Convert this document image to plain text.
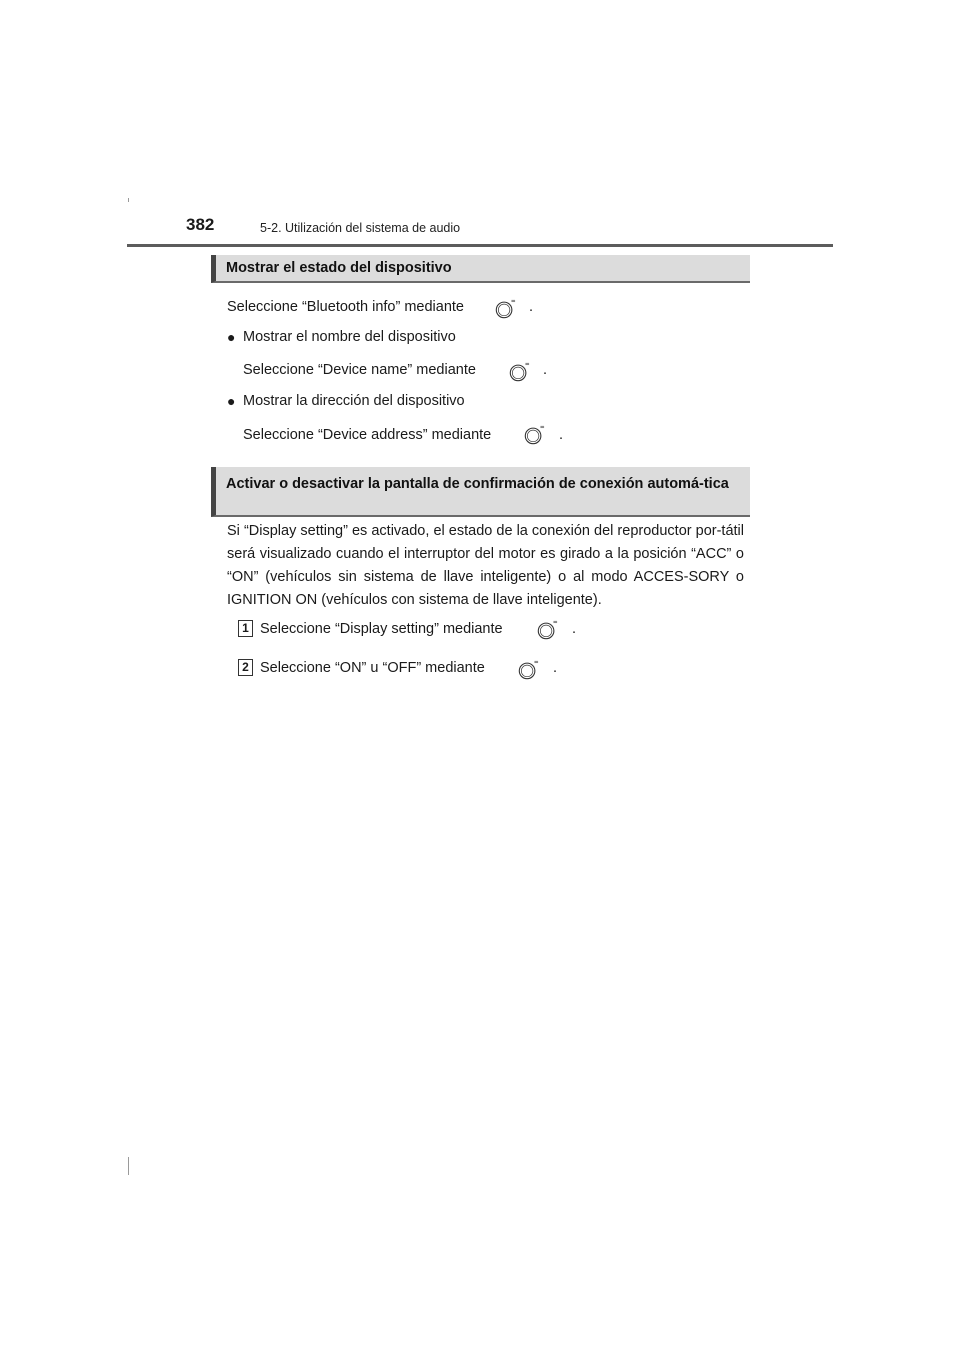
382	5-2. Utilización del sistema de audio
Mostrar el estado del dispositivo
Seleccione “Bluetooth info” mediante	.
● Mostrar el nombre del dispositivo
Seleccione “Device name” mediante	.
● Mostrar la dirección del dispositivo
Seleccione “Device address” mediante	.
Activar o desactivar la pantalla de confirmación de conexión automá-tica
Si “Display setting” es activado, el estado de la conexión del reproductor por-tátil será visualizado cuando el interruptor del motor es girado a la posición “ACC” o “ON” (vehículos sin sistema de llave inteligente) o al modo ACCES-SORY o IGNITION ON (vehículos con sistema de llave inteligente).
1 Seleccione “Display setting” mediante	.
2 Seleccione “ON” u “OFF” mediante	.
